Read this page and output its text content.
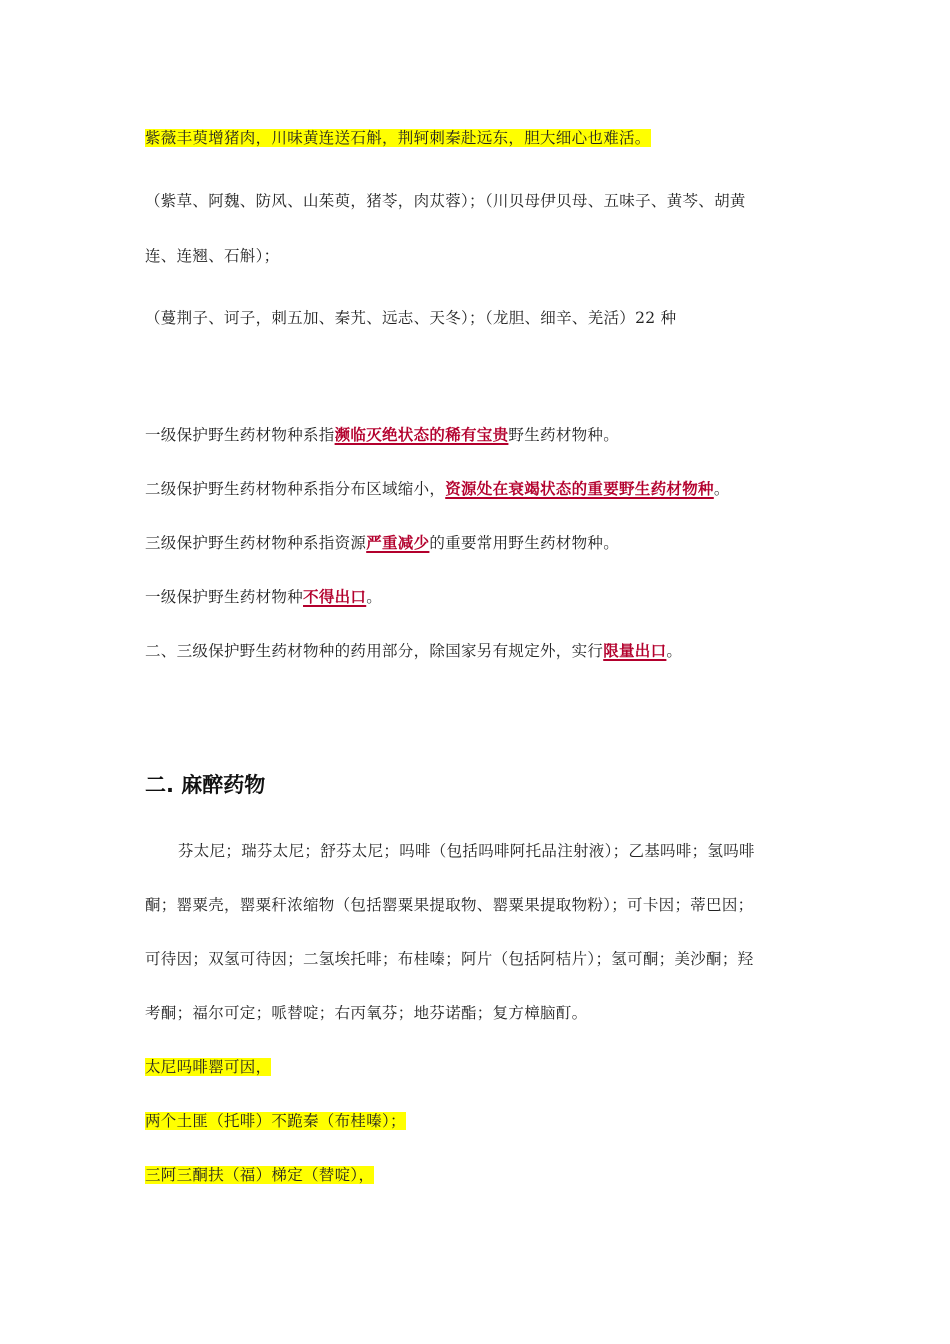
紫薇丰萸增猪肉，川味黄连送石斛，荆轲刺秦赴远东，胆大细心也难活。
（紫草、阿魏、防风、山茱萸，猪苓，肉苁蓉）；（川贝母伊贝母、五味子、黄芩、胡黄
连、连翘、石斛）；
（蔓荆子、诃子，刺五加、秦艽、远志、天冬）；（龙胆、细辛、羌活）22 种
一级保护野生药材物种系指濒临灭绝状态的稀有宝贵野生药材物种。
二级保护野生药材物种系指分布区域缩小，资源处在衰竭状态的重要野生药材物种。
三级保护野生药材物种系指资源严重减少的重要常用野生药材物种。
一级保护野生药材物种不得出口。
二、三级保护野生药材物种的药用部分，除国家另有规定外，实行限量出口。
二. 麻醉药物
芬太尼；瑞芬太尼；舒芬太尼；吗啡（包括吗啡阿托品注射液）；乙基吗啡；氢吗啡
酮；罂粟壳，罂粟秆浓缩物（包括罂粟果提取物、罂粟果提取物粉）；可卡因；蒂巴因；
可待因；双氢可待因；二氢埃托啡；布桂嗪；阿片（包括阿桔片）；氢可酮；美沙酮；羟
考酮；福尔可定；哌替啶；右丙氧芬；地芬诺酯；复方樟脑酊。
太尼吗啡罂可因，
两个土匪（托啡）不跪秦（布桂嗪）；
三阿三酮扶（福）梯定（替啶），
